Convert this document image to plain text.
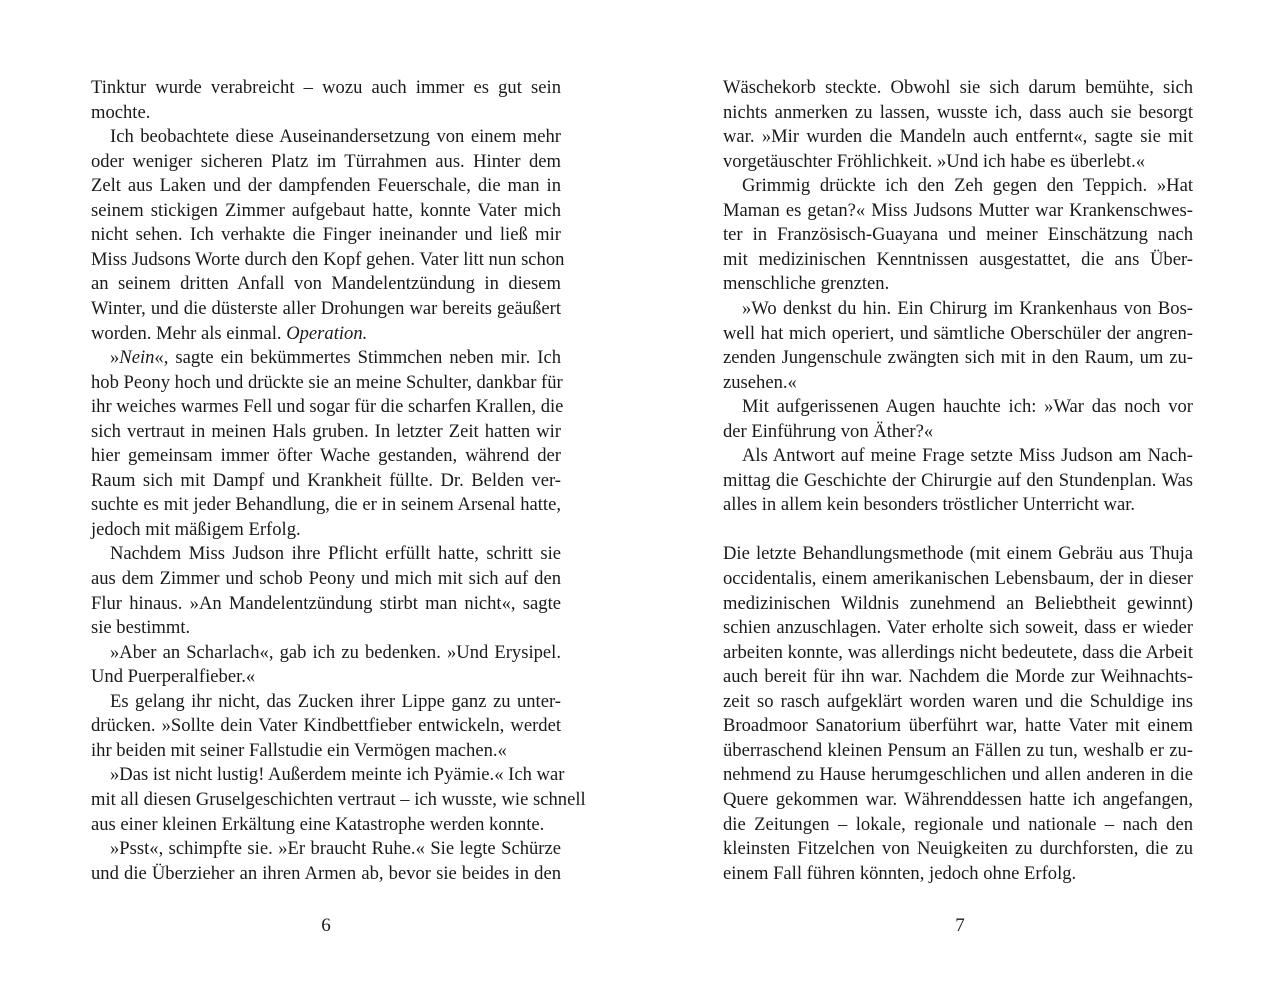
Tinktur wurde verabreicht – wozu auch immer es gut sein
mochte.
Ich beobachtete diese Auseinandersetzung von einem mehr
oder weniger sicheren Platz im Türrahmen aus. Hinter dem
Zelt aus Laken und der dampfenden Feuerschale, die man in
seinem stickigen Zimmer aufgebaut hatte, konnte Vater mich
nicht sehen. Ich verhakte die Finger ineinander und ließ mir
Miss Judsons Worte durch den Kopf gehen. Vater litt nun schon
an seinem dritten Anfall von Mandelentzündung in diesem
Winter, und die düsterste aller Drohungen war bereits geäußert
worden. Mehr als einmal. Operation.
»Nein«, sagte ein bekümmertes Stimmchen neben mir. Ich
hob Peony hoch und drückte sie an meine Schulter, dankbar für
ihr weiches warmes Fell und sogar für die scharfen Krallen, die
sich vertraut in meinen Hals gruben. In letzter Zeit hatten wir
hier gemeinsam immer öfter Wache gestanden, während der
Raum sich mit Dampf und Krankheit füllte. Dr. Belden ver-
suchte es mit jeder Behandlung, die er in seinem Arsenal hatte,
jedoch mit mäßigem Erfolg.
Nachdem Miss Judson ihre Pflicht erfüllt hatte, schritt sie
aus dem Zimmer und schob Peony und mich mit sich auf den
Flur hinaus. »An Mandelentzündung stirbt man nicht«, sagte
sie bestimmt.
»Aber an Scharlach«, gab ich zu bedenken. »Und Erysipel.
Und Puerperalfieber.«
Es gelang ihr nicht, das Zucken ihrer Lippe ganz zu unter-
drücken. »Sollte dein Vater Kindbettfieber entwickeln, werdet
ihr beiden mit seiner Fallstudie ein Vermögen machen.«
»Das ist nicht lustig! Außerdem meinte ich Pyämie.« Ich war
mit all diesen Gruselgeschichten vertraut – ich wusste, wie schnell
aus einer kleinen Erkältung eine Katastrophe werden konnte.
»Psst«, schimpfte sie. »Er braucht Ruhe.« Sie legte Schürze
und die Überzieher an ihren Armen ab, bevor sie beides in den
6
Wäschekorb steckte. Obwohl sie sich darum bemühte, sich
nichts anmerken zu lassen, wusste ich, dass auch sie besorgt
war. »Mir wurden die Mandeln auch entfernt«, sagte sie mit
vorgetäuschter Fröhlichkeit. »Und ich habe es überlebt.«
Grimmig drückte ich den Zeh gegen den Teppich. »Hat
Maman es getan?« Miss Judsons Mutter war Krankenschwes-
ter in Französisch-Guayana und meiner Einschätzung nach
mit medizinischen Kenntnissen ausgestattet, die ans Über-
menschliche grenzten.
»Wo denkst du hin. Ein Chirurg im Krankenhaus von Bos-
well hat mich operiert, und sämtliche Oberschüler der angren-
zenden Jungenschule zwängten sich mit in den Raum, um zu-
zusehen.«
Mit aufgerissenen Augen hauchte ich: »War das noch vor
der Einführung von Äther?«
Als Antwort auf meine Frage setzte Miss Judson am Nach-
mittag die Geschichte der Chirurgie auf den Stundenplan. Was
alles in allem kein besonders tröstlicher Unterricht war.
Die letzte Behandlungsmethode (mit einem Gebräu aus Thuja
occidentalis, einem amerikanischen Lebensbaum, der in dieser
medizinischen Wildnis zunehmend an Beliebtheit gewinnt)
schien anzuschlagen. Vater erholte sich soweit, dass er wieder
arbeiten konnte, was allerdings nicht bedeutete, dass die Arbeit
auch bereit für ihn war. Nachdem die Morde zur Weihnachts-
zeit so rasch aufgeklärt worden waren und die Schuldige ins
Broadmoor Sanatorium überführt war, hatte Vater mit einem
überraschend kleinen Pensum an Fällen zu tun, weshalb er zu-
nehmend zu Hause herumgeschlichen und allen anderen in die
Quere gekommen war. Währenddessen hatte ich angefangen,
die Zeitungen – lokale, regionale und nationale – nach den
kleinsten Fitzelchen von Neuigkeiten zu durchforsten, die zu
einem Fall führen könnten, jedoch ohne Erfolg.
7
